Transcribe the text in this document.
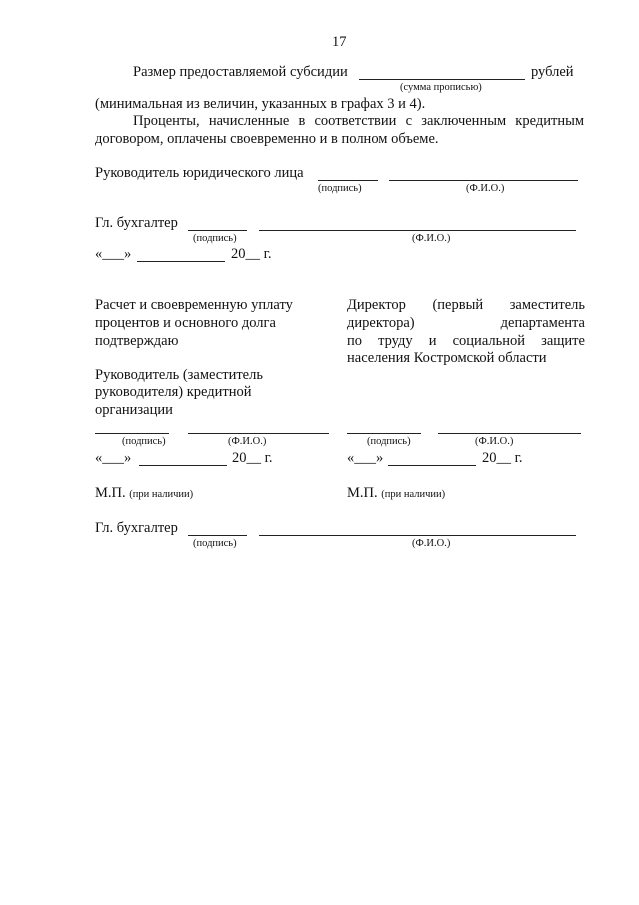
17
Размер предоставляемой субсидии	рублей
(сумма прописью)
(минимальная из величин, указанных в графах 3 и 4).
Проценты, начисленные в соответствии с заключенным кредитным
договором, оплачены своевременно и в полном объеме.
Руководитель юридического лица
(подпись)	(Ф.И.О.)
Гл. бухгалтер
(подпись)	(Ф.И.О.)
«___»	20__ г.
Расчет и своевременную уплату
процентов и основного долга
подтверждаю
Руководитель (заместитель
руководителя) кредитной
организации
(подпись)	(Ф.И.О.)
«___»	20__ г.
М.П. (при наличии)
Директор (первый заместитель
директора)	департамента
по труду и социальной защите
населения Костромской области
(подпись)	(Ф.И.О.)
«___»	20__ г.
М.П. (при наличии)
Гл. бухгалтер
(подпись)	(Ф.И.О.)
